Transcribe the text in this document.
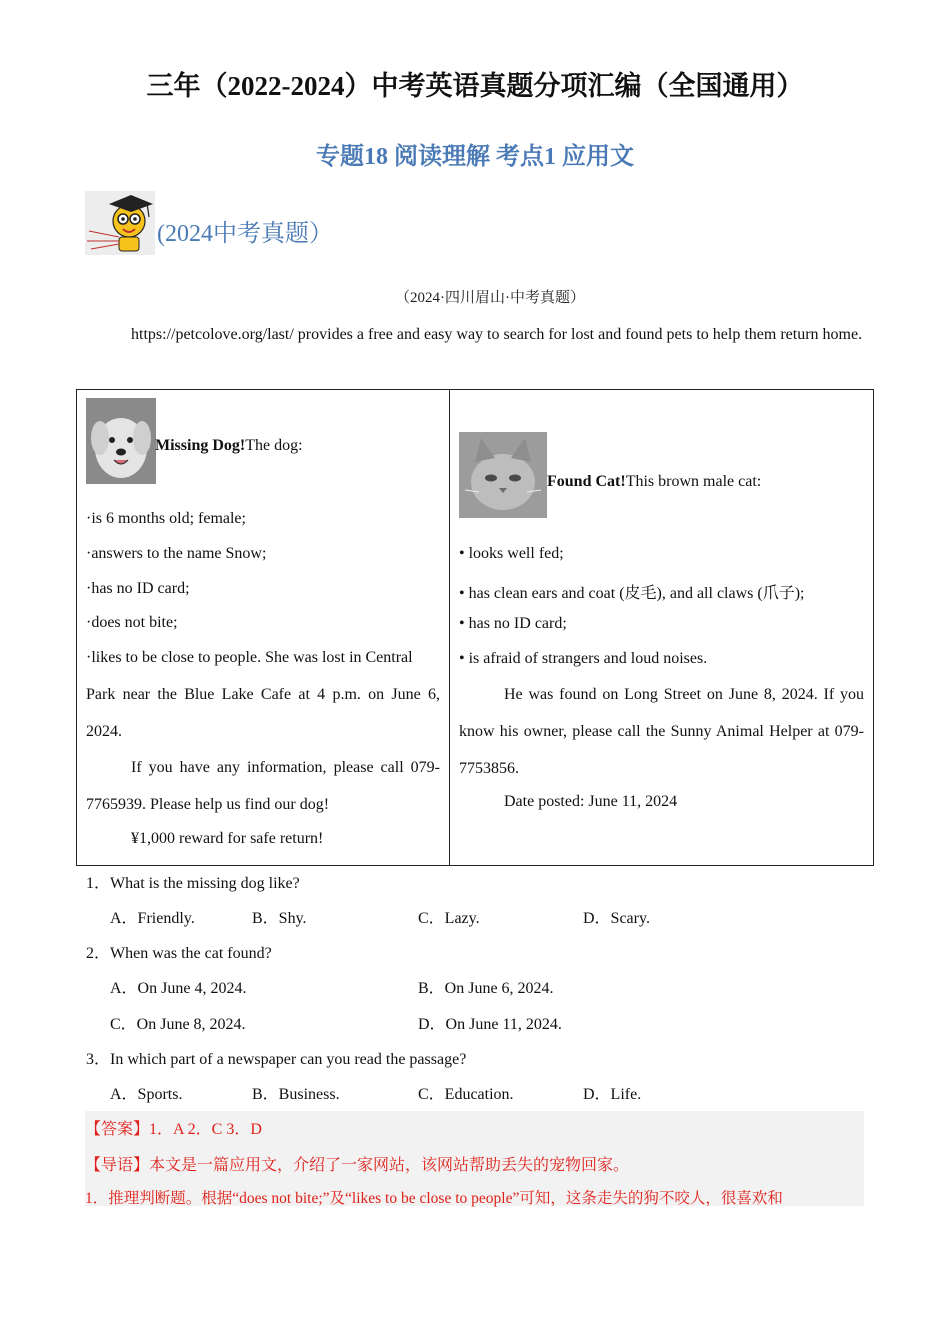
三年（2022-2024）中考英语真题分项汇编（全国通用）
专题18 阅读理解 考点1 应用文
(2024中考真题）
（2024·四川眉山·中考真题）

https://petcolove.org/last/ provides a free and easy way to search for lost and found pets to help them return home.

Missing Dog!The dog:
·is 6 months old; female;
·answers to the name Snow;
·has no ID card;
·does not bite;
·likes to be close to people. She was lost in Central

Park near the Blue Lake Cafe at 4 p.m. on June 6, 2024.

If you have any information, please call 079-7765939. Please help us find our dog!

¥1,000 reward for safe return!
Found Cat!This brown male cat:
• looks well fed;
• has clean ears and coat (皮毛), and all claws (爪子);
• has no ID card;
• is afraid of strangers and loud noises.

He was found on Long Street on June 8, 2024. If you know his owner, please call the Sunny Animal Helper at 079-7753856.

Date posted: June 11, 2024
1．What is the missing dog like?
A．Friendly.	B．Shy.	C．Lazy.	D．Scary.
2．When was the cat found?
A．On June 4, 2024.	B．On June 6, 2024.
C．On June 8, 2024.	D．On June 11, 2024.
3．In which part of a newspaper can you read the passage?
A．Sports.	B．Business.	C．Education.	D．Life.
【答案】1．A 2．C 3．D
【导语】本文是一篇应用文，介绍了一家网站，该网站帮助丢失的宠物回家。
1．推理判断题。根据“does not bite;”及“likes to be close to people”可知，这条走失的狗不咬人，很喜欢和
